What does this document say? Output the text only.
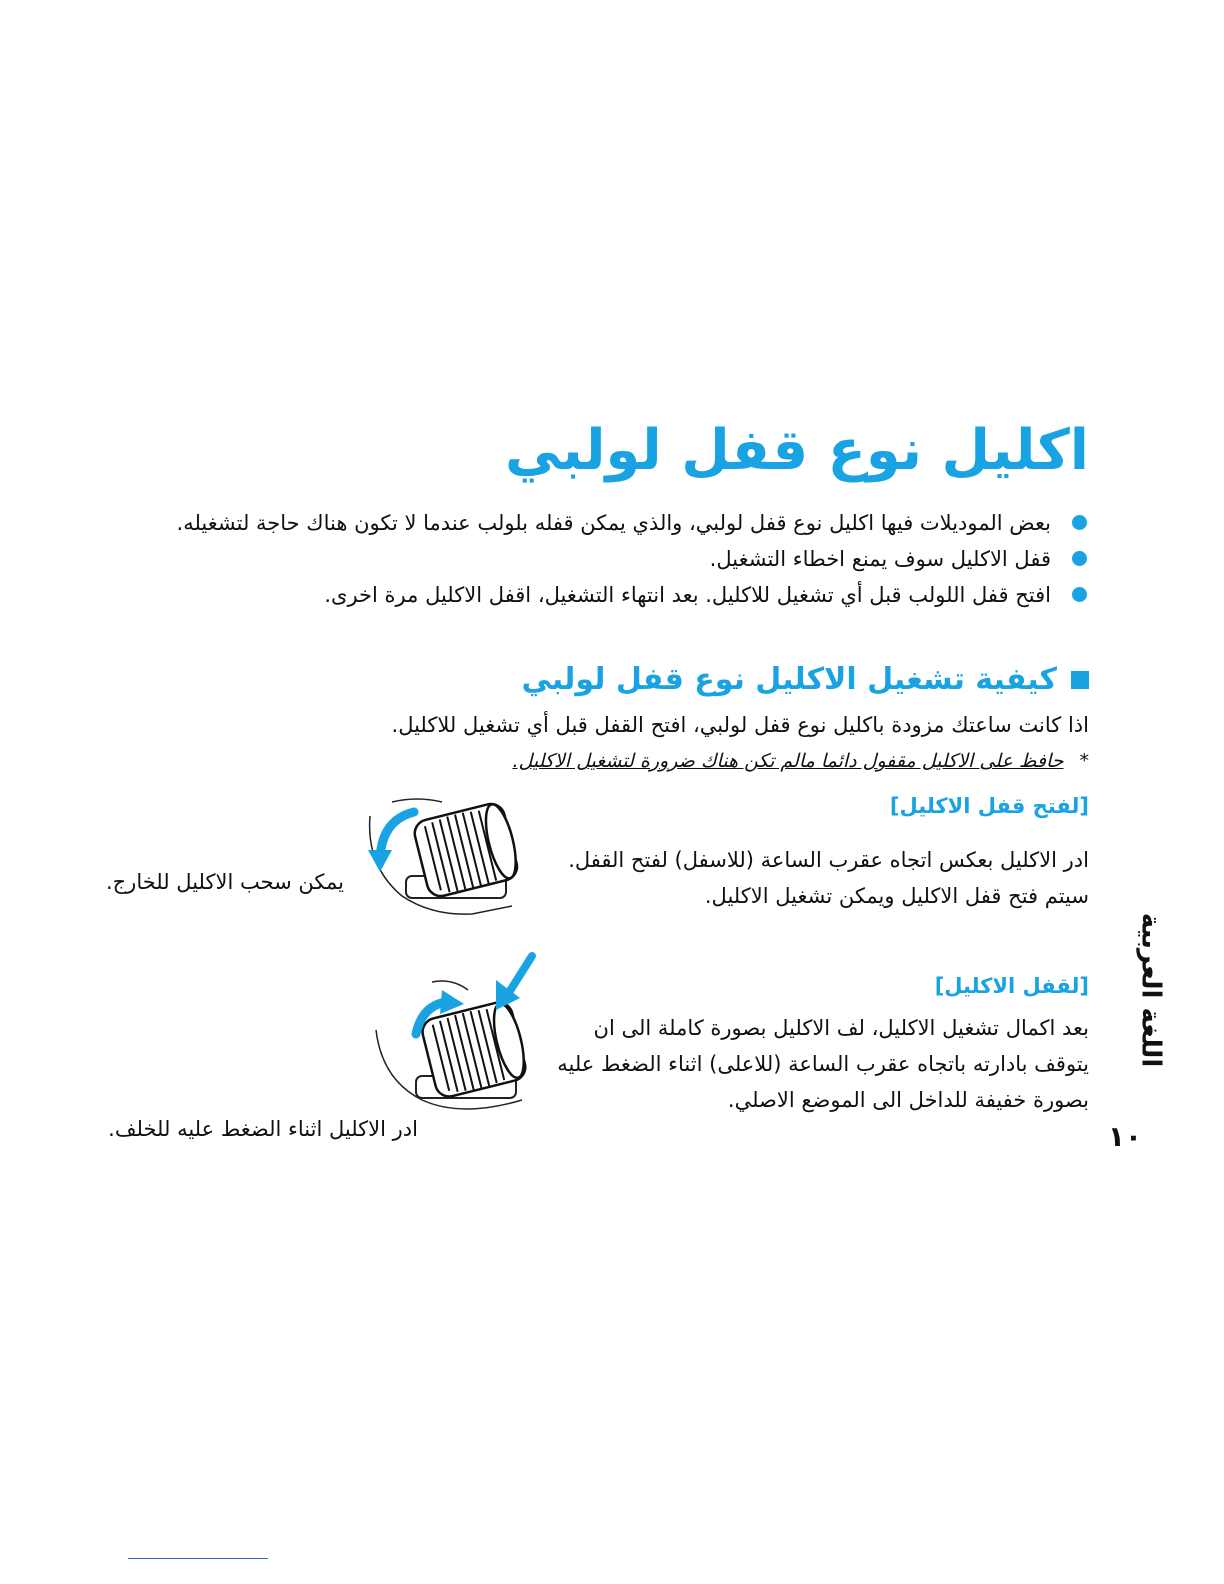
اكليل نوع قفل لولبي
بعض الموديلات فيها اكليل نوع قفل لولبي، والذي يمكن قفله بلولب عندما لا تكون هناك حاجة لتشغيله.
قفل الاكليل سوف يمنع اخطاء التشغيل.
افتح قفل اللولب قبل أي تشغيل للاكليل. بعد انتهاء التشغيل، اقفل الاكليل مرة اخرى.
كيفية تشغيل الاكليل نوع قفل لولبي
اذا كانت ساعتك مزودة باكليل نوع قفل لولبي، افتح القفل قبل أي تشغيل للاكليل.
*
حافظ على الاكليل مقفول دائما مالم تكن هناك ضرورة لتشغيل الاكليل.
[لفتح قفل الاكليل]
ادر الاكليل بعكس اتجاه عقرب الساعة (للاسفل) لفتح القفل. سيتم فتح قفل الاكليل ويمكن تشغيل الاكليل.
يمكن سحب الاكليل للخارج.
[لقفل الاكليل]
بعد اكمال تشغيل الاكليل، لف الاكليل بصورة كاملة الى ان يتوقف بادارته باتجاه عقرب الساعة (للاعلى) اثناء الضغط عليه بصورة خفيفة للداخل الى الموضع الاصلي.
ادر الاكليل اثناء الضغط عليه للخلف.
اللغة العربية
١٠
